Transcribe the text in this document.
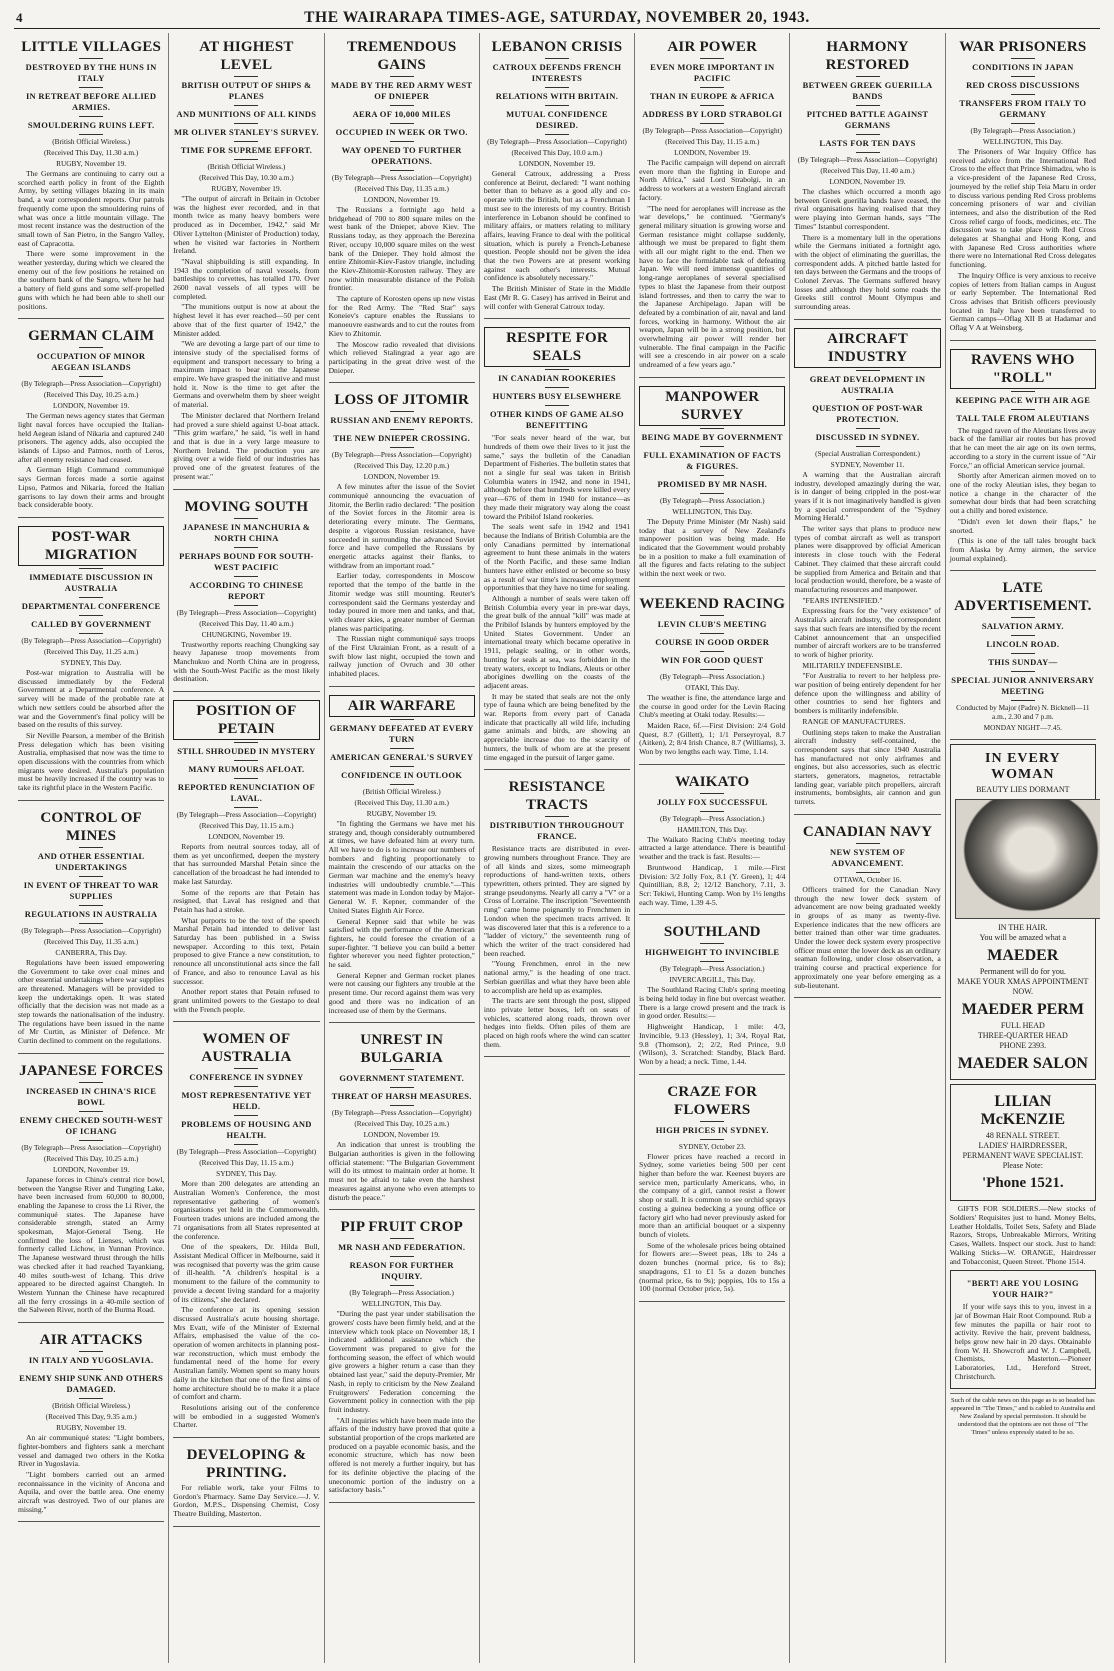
4	THE WAIRARAPA TIMES-AGE, SATURDAY, NOVEMBER 20, 1943.
LITTLE VILLAGES
DESTROYED BY THE HUNS IN ITALY
IN RETREAT BEFORE ALLIED ARMIES.
SMOULDERING RUINS LEFT.
(British Official Wireless.)
(Received This Day, 11.30 a.m.)
RUGBY, November 19.

The Germans are continuing to carry out a scorched earth policy in front of the Eighth Army, by setting villages blazing in its main band, a war correspondent reports. Our patrols frequently come upon the smouldering ruins of what was once a little mountain village. The most recent instance was the destruction of the small town of San Pietro, in the Sangro Valley, east of Capracotta.

There were some improvement in the weather yesterday, during which we cleared the enemy out of the few positions he retained on the southern bank of the Sangro, where he had a battery of field guns and some self-propelled guns with which he had been able to shell our positions.

GERMAN CLAIM
OCCUPATION OF MINOR AEGEAN ISLANDS
(By Telegraph—Press Association—Copyright)
(Received This Day, 10.25 a.m.)
LONDON, November 19.

The German news agency states that German light naval forces have occupied the Italian-held Aegean island of Nikaria and captured 240 prisoners. The agency adds, also occupied the islands of Lipso and Patmos, north of Leros, after all enemy resistance had ceased.

A German High Command communiqué says German forces made a sortie against Lipso, Patmos and Nikaria, forced the Italian garrisons to lay down their arms and brought back considerable booty.

POST-WAR MIGRATION
IMMEDIATE DISCUSSION IN AUSTRALIA
DEPARTMENTAL CONFERENCE
CALLED BY GOVERNMENT
(By Telegraph—Press Association—Copyright)
(Received This Day, 11.25 a.m.)
SYDNEY, This Day.

Post-war migration to Australia will be discussed immediately by the Federal Government at a Departmental conference. A survey will be made of the probable rate at which new settlers could be absorbed after the war and the Government's final policy will be based on the results of this survey.

Sir Neville Pearson, a member of the British Press delegation which has been visiting Australia, emphasised that now was the time to open discussions with the countries from which migrants were desired. Australia's population must be heavily increased if the country was to take its rightful place in the Western Pacific.

CONTROL OF MINES
AND OTHER ESSENTIAL UNDERTAKINGS
IN EVENT OF THREAT TO WAR SUPPLIES
REGULATIONS IN AUSTRALIA
(By Telegraph—Press Association—Copyright)
(Received This Day, 11.35 a.m.)
CANBERRA, This Day.

Regulations have been issued empowering the Government to take over coal mines and other essential undertakings where war supplies are threatened. Managers will be provided to keep the undertakings open. It was stated officially that the decision was not made as a step towards the nationalisation of the industry. The regulations have been issued in the name of Mr Curtin, as Minister of Defence. Mr Curtin declined to comment on the regulations.

JAPANESE FORCES
INCREASED IN CHINA'S RICE BOWL
ENEMY CHECKED SOUTH-WEST OF ICHANG
(By Telegraph—Press Association—Copyright)
(Received This Day, 10.25 a.m.)
LONDON, November 19.

Japanese forces in China's central rice bowl, between the Yangtse River and Tungting Lake, have been increased from 60,000 to 80,000, enabling the Japanese to cross the Li River, the communiqué states. The Japanese have considerable strength, stated an Army spokesman, Major-General Tseng. He confirmed the loss of Lienses, which was formerly called Lichow, in Yunnan Province. The Japanese westward thrust through the hills was checked after it had reached Tayankiang, 40 miles south-west of Ichang. This drive appeared to be directed against Changteh. In Western Yunnan the Chinese have recaptured all the ferry crossings in a 40-mile section of the Salween River, north of the Burma Road.

AIR ATTACKS
IN ITALY AND YUGOSLAVIA.
ENEMY SHIP SUNK AND OTHERS DAMAGED.
(British Official Wireless.)
(Received This Day, 9.35 a.m.)
RUGBY, November 19.

An air communiqué states: "Light bombers, fighter-bombers and fighters sank a merchant vessel and damaged two others in the Kotka River in Yugoslavia.

"Light bombers carried out an armed reconnaissance in the vicinity of Ancona and Aquila, and over the battle area. One enemy aircraft was destroyed. Two of our planes are missing."

AT HIGHEST LEVEL
BRITISH OUTPUT OF SHIPS & PLANES
AND MUNITIONS OF ALL KINDS
MR OLIVER STANLEY'S SURVEY.
TIME FOR SUPREME EFFORT.
(British Official Wireless.)
(Received This Day, 10.30 a.m.)
RUGBY, November 19.

"The output of aircraft in Britain in October was the highest ever recorded, and in that month twice as many heavy bombers were produced as in December, 1942," said Mr Oliver Lyttelton (Minister of Production) today, when he visited war factories in Northern Ireland.

"Naval shipbuilding is still expanding. In 1943 the completion of naval vessels, from battleships to corvettes, has totalled 170. Over 2600 naval vessels of all types will be completed.

"The munitions output is now at about the highest level it has ever reached—50 per cent above that of the first quarter of 1942," the Minister added.

"We are devoting a large part of our time to intensive study of the specialised forms of equipment and transport necessary to bring a maximum impact to bear on the Japanese empire. We have grasped the initiative and must hold it. Now is the time to get after the Germans and overwhelm them by sheer weight of material.

The Minister declared that Northern Ireland had proved a sure shield against U-boat attack. "This grim warfare," he said, "is well in hand and that is due in a very large measure to Northern Ireland. The production you are giving over a wide field of our industries has proved one of the greatest features of the present war."

MOVING SOUTH
JAPANESE IN MANCHURIA & NORTH CHINA
PERHAPS BOUND FOR SOUTH-WEST PACIFIC
ACCORDING TO CHINESE REPORT
(By Telegraph—Press Association—Copyright)
(Received This Day, 11.40 a.m.)
CHUNGKING, November 19.

Trustworthy reports reaching Chungking say heavy Japanese troop movements from Manchukuo and North China are in progress, with the South-West Pacific as the most likely destination.

POSITION OF PETAIN
STILL SHROUDED IN MYSTERY
MANY RUMOURS AFLOAT.
REPORTED RENUNCIATION OF LAVAL.
(By Telegraph—Press Association—Copyright)
(Received This Day, 11.15 a.m.)
LONDON, November 19.

Reports from neutral sources today, all of them as yet unconfirmed, deepen the mystery that has surrounded Marshal Petain since the cancellation of the broadcast he had intended to make last Saturday.

Some of the reports are that Petain has resigned, that Laval has resigned and that Petain has had a stroke.

What purports to be the text of the speech Marshal Petain had intended to deliver last Saturday has been published in a Swiss newspaper. According to this text, Petain proposed to give France a new constitution, to renounce all unconstitutional acts since the fall of France, and also to renounce Laval as his successor.

Another report states that Petain refused to grant unlimited powers to the Gestapo to deal with the French people.

WOMEN OF AUSTRALIA
CONFERENCE IN SYDNEY
MOST REPRESENTATIVE YET HELD.
PROBLEMS OF HOUSING AND HEALTH.
(By Telegraph—Press Association—Copyright)
(Received This Day, 11.15 a.m.)
SYDNEY, This Day.

More than 200 delegates are attending an Australian Women's Conference, the most representative gathering of women's organisations yet held in the Commonwealth. Fourteen trades unions are included among the 71 organisations from all States represented at the conference.

One of the speakers, Dr. Hilda Bull, Assistant Medical Officer in Melbourne, said it was recognised that poverty was the grim cause of ill-health. "A children's hospital is a monument to the failure of the community to provide a decent living standard for a majority of its citizens," she declared.

The conference at its opening session discussed Australia's acute housing shortage. Mrs Evatt, wife of the Minister of External Affairs, emphasised the value of the co-operation of women architects in planning post-war reconstruction, which must embody the fundamental need of the home for every Australian family. Women spent so many hours daily in the kitchen that one of the first aims of home architecture should be to make it a place of comfort and charm.

Resolutions arising out of the conference will be embodied in a suggested Women's Charter.

DEVELOPING & PRINTING.

For reliable work, take your Films to Gordon's Pharmacy. Same Day Service.—J. V. Gordon, M.P.S., Dispensing Chemist, Cosy Theatre Building, Masterton.

TREMENDOUS GAINS
MADE BY THE RED ARMY WEST OF DNIEPER
AERA OF 10,000 MILES
OCCUPIED IN WEEK OR TWO.
WAY OPENED TO FURTHER OPERATIONS.
(By Telegraph—Press Association—Copyright)
(Received This Day, 11.35 a.m.)
LONDON, November 19.

The Russians a fortnight ago held a bridgehead of 700 to 800 square miles on the west bank of the Dnieper, above Kiev. The Russians today, as they approach the Berezina River, occupy 10,000 square miles on the west bank of the Dnieper. They hold almost the entire Zhitomir-Kiev-Fastov triangle, including the Kiev-Zhitomir-Korosten railway. They are now within measurable distance of the Polish frontier.

The capture of Korosten opens up new vistas for the Red Army. The "Red Star" says Koneiev's capture enables the Russians to manoeuvre eastwards and to cut the routes from Kiev to Zhitomir.

The Moscow radio revealed that divisions which relieved Stalingrad a year ago are participating in the great drive west of the Dnieper.

LOSS OF JITOMIR
RUSSIAN AND ENEMY REPORTS.
THE NEW DNIEPER CROSSING.
(By Telegraph—Press Association—Copyright)
(Received This Day, 12.20 p.m.)
LONDON, November 19.

A few minutes after the issue of the Soviet communiqué announcing the evacuation of Jitomir, the Berlin radio declared: "The position of the Soviet forces in the Jitomir area is deteriorating every minute. The Germans, despite a vigorous Russian resistance, have succeeded in surrounding the advanced Soviet force and have compelled the Russians by energetic attacks against their flanks, to withdraw from an important road."

Earlier today, correspondents in Moscow reported that the tempo of the battle in the Jitomir wedge was still mounting. Reuter's correspondent said the Germans yesterday and today poured in more men and tanks, and that, with clearer skies, a greater number of German planes was participating.

The Russian night communiqué says troops of the First Ukrainian Front, as a result of a swift blow last night, occupied the town and railway junction of Ovruch and 30 other inhabited places.

AIR WARFARE
GERMANY DEFEATED AT EVERY TURN
AMERICAN GENERAL'S SURVEY
CONFIDENCE IN OUTLOOK
(British Official Wireless.)
(Received This Day, 11.30 a.m.)
RUGBY, November 19.

"In fighting the Germans we have met his strategy and, though considerably outnumbered at times, we have defeated him at every turn. All we have to do is to increase our numbers of bombers and fighting proportionately to maintain the crescendo of our attacks on the German war machine and the enemy's heavy industries will undoubtedly crumble."—This statement was made in London today by Major-General W. F. Kepner, commander of the United States Eighth Air Force.

General Kepner said that while he was satisfied with the performance of the American fighters, he could foresee the creation of a super-fighter. "I believe you can build a better fighter wherever you need fighter protection," he said.

General Kepner and German rocket planes were not causing our fighters any trouble at the present time. Our record against them was very good and there was no indication of an increased use of them by the Germans.

UNREST IN BULGARIA
GOVERNMENT STATEMENT.
THREAT OF HARSH MEASURES.
(By Telegraph—Press Association—Copyright)
(Received This Day, 10.25 a.m.)
LONDON, November 19.

An indication that unrest is troubling the Bulgarian authorities is given in the following official statement: "The Bulgarian Government will do its utmost to maintain order at home. It must not be afraid to take even the harshest measures against anyone who even attempts to disturb the peace."

PIP FRUIT CROP
MR NASH AND FEDERATION.
REASON FOR FURTHER INQUIRY.
(By Telegraph—Press Association.)
WELLINGTON, This Day.

"During the past year under stabilisation the growers' costs have been firmly held, and at the interview which took place on November 18, I indicated additional assistance which the Government was prepared to give for the forthcoming season, the effect of which would give growers a higher return a case than they obtained last year," said the deputy-Premier, Mr Nash, in reply to criticism by the New Zealand Fruitgrowers' Federation concerning the Government policy in connection with the pip fruit industry.

"All inquiries which have been made into the affairs of the industry have proved that quite a substantial proportion of the crops marketed are produced on a payable economic basis, and the economic structure, which has now been offered is not merely a further inquiry, but has for its definite objective the placing of the uneconomic portion of the industry on a satisfactory basis."

LEBANON CRISIS
CATROUX DEFENDS FRENCH INTERESTS
RELATIONS WITH BRITAIN.
MUTUAL CONFIDENCE DESIRED.
(By Telegraph—Press Association—Copyright)
(Received This Day, 10.0 a.m.)
LONDON, November 19.

General Catroux, addressing a Press conference at Beirut, declared: "I want nothing better than to behave as a good ally and co-operate with the British, but as a Frenchman I must see to the interests of my country. British interference in Lebanon should be confined to military affairs, or matters relating to military affairs, leaving France to deal with the political situation, which is purely a French-Lebanese question. People should not be given the idea that the two Powers are at present working against each other's interests. Mutual confidence is absolutely necessary."

The British Minister of State in the Middle East (Mr R. G. Casey) has arrived in Beirut and will confer with General Catroux today.

RESPITE FOR SEALS
IN CANADIAN ROOKERIES
HUNTERS BUSY ELSEWHERE
OTHER KINDS OF GAME ALSO BENEFITTING

"For seals never heard of the war, but hundreds of them owe their lives to it just the same," says the bulletin of the Canadian Department of Fisheries. The bulletin states that not a single fur seal was taken in British Columbia waters in 1942, and none in 1941, although before that hundreds were killed every year—676 of them in 1940 for instance—as they made their migratory way along the coast toward the Pribilof Island rookeries.

The seals went safe in 1942 and 1941 because the Indians of British Columbia are the only Canadians permitted by international agreement to hunt these animals in the waters of the North Pacific, and these same Indian hunters have either enlisted or become so busy as a result of war time's increased employment opportunities that they have no time for sealing.

Although a number of seals were taken off British Columbia every year in pre-war days, the great bulk of the annual "kill" was made at the Pribilof Islands by hunters employed by the United States Government. Under an international treaty which became operative in 1911, pelagic sealing, or in other words, hunting for seals at sea, was forbidden in the treaty waters, except to Indians, Aleuts or other aborigines dwelling on the coasts of the adjacent areas.

It may be stated that seals are not the only type of fauna which are being benefited by the war. Reports from every part of Canada indicate that practically all wild life, including game animals and birds, are showing an appreciable increase due to the scarcity of hunters, the bulk of whom are at the present time engaged in the pursuit of larger game.

RESISTANCE TRACTS
DISTRIBUTION THROUGHOUT FRANCE.

Resistance tracts are distributed in ever-growing numbers throughout France. They are of all kinds and sizes, some mimeograph reproductions of hand-written texts, others typewritten, others printed. They are signed by strange pseudonyms. Nearly all carry a "V" or a Cross of Lorraine. The inscription "Seventeenth rung" came home poignantly to Frenchmen in London when the specimen tracts arrived. It was discovered later that this is a reference to a "ladder of victory," the seventeenth rung of which the writer of the tract considered had been reached.

"Young Frenchmen, enrol in the new national army," is the heading of one tract. Serbian guerillas and what they have been able to accomplish are held up as examples.

The tracts are sent through the post, slipped into private letter boxes, left on seats of vehicles, scattered along roads, thrown over hedges into fields. Often piles of them are placed on high roofs where the wind can scatter them.

AIR POWER
EVEN MORE IMPORTANT IN PACIFIC
THAN IN EUROPE & AFRICA
ADDRESS BY LORD STRABOLGI
(By Telegraph—Press Association—Copyright)
(Received This Day, 11.15 a.m.)
LONDON, November 19.

The Pacific campaign will depend on aircraft even more than the fighting in Europe and North Africa," said Lord Strabolgi, in an address to workers at a western England aircraft factory.

"The need for aeroplanes will increase as the war develops," he continued. "Germany's general military situation is growing worse and German resistance might collapse suddenly, although we must be prepared to fight them with all our might right to the end. Then we have to face the formidable task of defeating Japan. We will need immense quantities of long-range aeroplanes of several specialised types to blast the Japanese from their outpost island fortresses, and then to carry the war to the Japanese Archipelago. Japan will be defeated by a combination of air, naval and land forces, working in harmony. Without the air weapon, Japan will be in a strong position, but overwhelming air power will render her vulnerable. The final campaign in the Pacific will see a crescendo in air power on a scale undreamed of a few years ago."

MANPOWER SURVEY
BEING MADE BY GOVERNMENT
FULL EXAMINATION OF FACTS & FIGURES.
PROMISED BY MR NASH.
(By Telegraph—Press Association.)
WELLINGTON, This Day.

The Deputy Prime Minister (Mr Nash) said today that a survey of New Zealand's manpower position was being made. He indicated that the Government would probably be in a position to make a full examination of all the figures and facts relating to the subject within the next week or two.

WEEKEND RACING
LEVIN CLUB'S MEETING
COURSE IN GOOD ORDER
WIN FOR GOOD QUEST
(By Telegraph—Press Association.)
OTAKI, This Day.

The weather is fine, the attendance large and the course in good order for the Levin Racing Club's meeting at Otaki today. Results:—

Maiden Race, 6f.—First Division: 2/4 Gold Quest, 8.7 (Gillett), 1; 1/1 Perseyroyal, 8.7 (Aitken), 2; 8/4 Irish Chance, 8.7 (Williams), 3. Won by two lengths each way. Time, 1.14.

WAIKATO
JOLLY FOX SUCCESSFUL
(By Telegraph—Press Association.)
HAMILTON, This Day.

The Waikato Racing Club's meeting today attracted a large attendance. There is beautiful weather and the track is fast. Results:—

Bruntwood Handicap, 1 mile.—First Division: 3/2 Jolly Fox, 8.1 (Y. Green), 1; 4/4 Quintillian, 8.8, 2; 12/12 Banchory, 7.11, 3. Scr: Tekiwi, Hunting Camp. Won by 1½ lengths each way. Time, 1.39 4-5.

SOUTHLAND
HIGHWEIGHT TO INVINCIBLE
(By Telegraph—Press Association.)
INVERCARGILL, This Day.

The Southland Racing Club's spring meeting is being held today in fine but overcast weather. There is a large crowd present and the track is in good order. Results:—

Highweight Handicap, 1 mile: 4/3, Invincible, 9.13 (Hessley), 1; 3/4, Royal Rat, 9.8 (Thomson), 2; 2/2, Red Prince, 9.0 (Wilson), 3. Scratched: Standby, Black Bard. Won by a head; a neck. Time, 1.44.

CRAZE FOR FLOWERS
HIGH PRICES IN SYDNEY.
SYDNEY, October 23.

Flower prices have reached a record in Sydney, some varieties being 500 per cent higher than before the war. Keenest buyers are service men, particularly Americans, who, in the company of a girl, cannot resist a flower shop or stall. It is common to see orchid sprays costing a guinea bedecking a young office or factory girl who had never previously asked for more than an artificial bouquet or a sixpenny bunch of violets.

Some of the wholesale prices being obtained for flowers are:—Sweet peas, 18s to 24s a dozen bunches (normal price, 6s to 8s); snapdragons, £1 to £1 5s a dozen bunches (normal price, 6s to 9s); poppies, 10s to 15s a 100 (normal October price, 5s).

HARMONY RESTORED
BETWEEN GREEK GUERILLA BANDS
PITCHED BATTLE AGAINST GERMANS
LASTS FOR TEN DAYS
(By Telegraph—Press Association—Copyright)
(Received This Day, 11.40 a.m.)
LONDON, November 19.

The clashes which occurred a month ago between Greek guerilla bands have ceased, the rival organisations having realised that they were playing into German hands, says "The Times" Istanbul correspondent.

There is a momentary lull in the operations while the Germans initiated a fortnight ago, with the object of eliminating the guerillas, the correspondent adds. A pitched battle lasted for ten days between the Germans and the troops of Colonel Zervas. The Germans suffered heavy losses and although they hold some roads the Greeks still control Mount Olympus and surrounding areas.

AIRCRAFT INDUSTRY
GREAT DEVELOPMENT IN AUSTRALIA
QUESTION OF POST-WAR PROTECTION.
DISCUSSED IN SYDNEY.
(Special Australian Correspondent.)
SYDNEY, November 11.

A warning that the Australian aircraft industry, developed amazingly during the war, is in danger of being crippled in the post-war years if it is not imaginatively handled is given by a special correspondent of the "Sydney Morning Herald."

The writer says that plans to produce new types of combat aircraft as well as transport planes were disapproved by official American interests in close touch with the Federal Cabinet. They claimed that these aircraft could be supplied from America and Britain and that local production would, therefore, be a waste of manufacturing resources and manpower.

"FEARS INTENSIFIED."

Expressing fears for the "very existence" of Australia's aircraft industry, the correspondent says that such fears are intensified by the recent Cabinet announcement that an unspecified number of aircraft workers are to be transferred to work of higher priority.

MILITARILY INDEFENSIBLE.

"For Australia to revert to her helpless pre-war position of being entirely dependent for her defence upon the willingness and ability of other countries to send her fighters and bombers is militarily indefensible.

RANGE OF MANUFACTURES.

Outlining steps taken to make the Australian aircraft industry self-contained, the correspondent says that since 1940 Australia has manufactured not only airframes and engines, but also accessories, such as electric starters, generators, magnetos, retractable landing gear, variable pitch propellers, aircraft instruments, bombsights, air cannon and gun turrets.

CANADIAN NAVY
NEW SYSTEM OF ADVANCEMENT.
OTTAWA, October 16.

Officers trained for the Canadian Navy through the new lower deck system of advancement are now being graduated weekly in groups of as many as twenty-five. Experience indicates that the new officers are better trained than other war time graduates. Under the lower deck system every prospective officer must enter the lower deck as an ordinary seaman following, under close observation, a training course and practical experience for approximately one year before emerging as a sub-lieutenant.

WAR PRISONERS
CONDITIONS IN JAPAN
RED CROSS DISCUSSIONS
TRANSFERS FROM ITALY TO GERMANY
(By Telegraph—Press Association.)
WELLINGTON, This Day.

The Prisoners of War Inquiry Office has received advice from the International Red Cross to the effect that Prince Shimadzu, who is a vice-president of the Japanese Red Cross, journeyed by the relief ship Teia Maru in order to discuss various pending Red Cross problems concerning prisoners of war and civilian internees, and also the distribution of the Red Cross relief cargo of foods, medicines, etc. The discussion was to take place with Red Cross delegates at Shanghai and Hong Kong, and with Japanese Red Cross authorities where there were no International Red Cross delegates functioning.

The Inquiry Office is very anxious to receive copies of letters from Italian camps in August or early September. The International Red Cross advises that British officers previously located in Italy have been transferred to German camps—Oflag XII B at Hadamar and Oflag V A at Weinsberg.

RAVENS WHO "ROLL"
KEEPING PACE WITH AIR AGE
TALL TALE FROM ALEUTIANS

The rugged raven of the Aleutians lives away back of the familiar air routes but has proved that he can meet the air age on its own terms, according to a story in the current issue of "Air Force," an official American service journal.

Shortly after American airmen moved on to one of the rocky Aleutian isles, they began to notice a change in the character of the somewhat dour birds that had been scratching out a chilly and bored existence.

"Didn't even let down their flaps," he snorted.

(This is one of the tall tales brought back from Alaska by Army airmen, the service journal explained).

LATE ADVERTISEMENT.
SALVATION ARMY.
LINCOLN ROAD.
THIS SUNDAY—
SPECIAL JUNIOR ANNIVERSARY MEETING
Conducted by Major (Padre) N. Bicknell—11 a.m., 2.30 and 7 p.m.
MONDAY NIGHT—7.45.
IN EVERY WOMAN
BEAUTY LIES DORMANT
IN THE HAIR.
You will be amazed what a
MAEDER
Permanent will do for you.
MAKE YOUR XMAS APPOINTMENT NOW.
MAEDER PERM
FULL HEAD
THREE-QUARTER HEAD
PHONE 2393.
MAEDER SALON
LILIAN McKENZIE
48 RENALL STREET.
LADIES' HAIRDRESSER, PERMANENT WAVE SPECIALIST.
Please Note:
'Phone 1521.

GIFTS FOR SOLDIERS.—New stocks of Soldiers' Requisites just to hand. Money Belts, Leather Holdalls, Toilet Sets, Safety and Blade Razors, Strops, Unbreakable Mirrors, Writing Cases, Wallets. Inspect our stock. Just to hand: Walking Sticks—W. ORANGE, Hairdresser and Tobacconist, Queen Street. 'Phone 1514.

"BERT! ARE YOU LOSING YOUR HAIR?"

If your wife says this to you, invest in a jar of Bowman Hair Root Compound. Rub a few minutes the papilla or hair root to activity. Revive the hair, prevent baldness, helps grow new hair in 20 days. Obtainable from W. H. Showcroft and W. J. Campbell, Chemists, Masterton.—Pioneer Laboratories, Ltd., Hereford Street, Christchurch.

Such of the cable news on this page as is so headed has appeared in "The Times," and is cabled to Australia and New Zealand by special permission. It should be understood that the opinions are not those of "The Times" unless expressly stated to be so.
